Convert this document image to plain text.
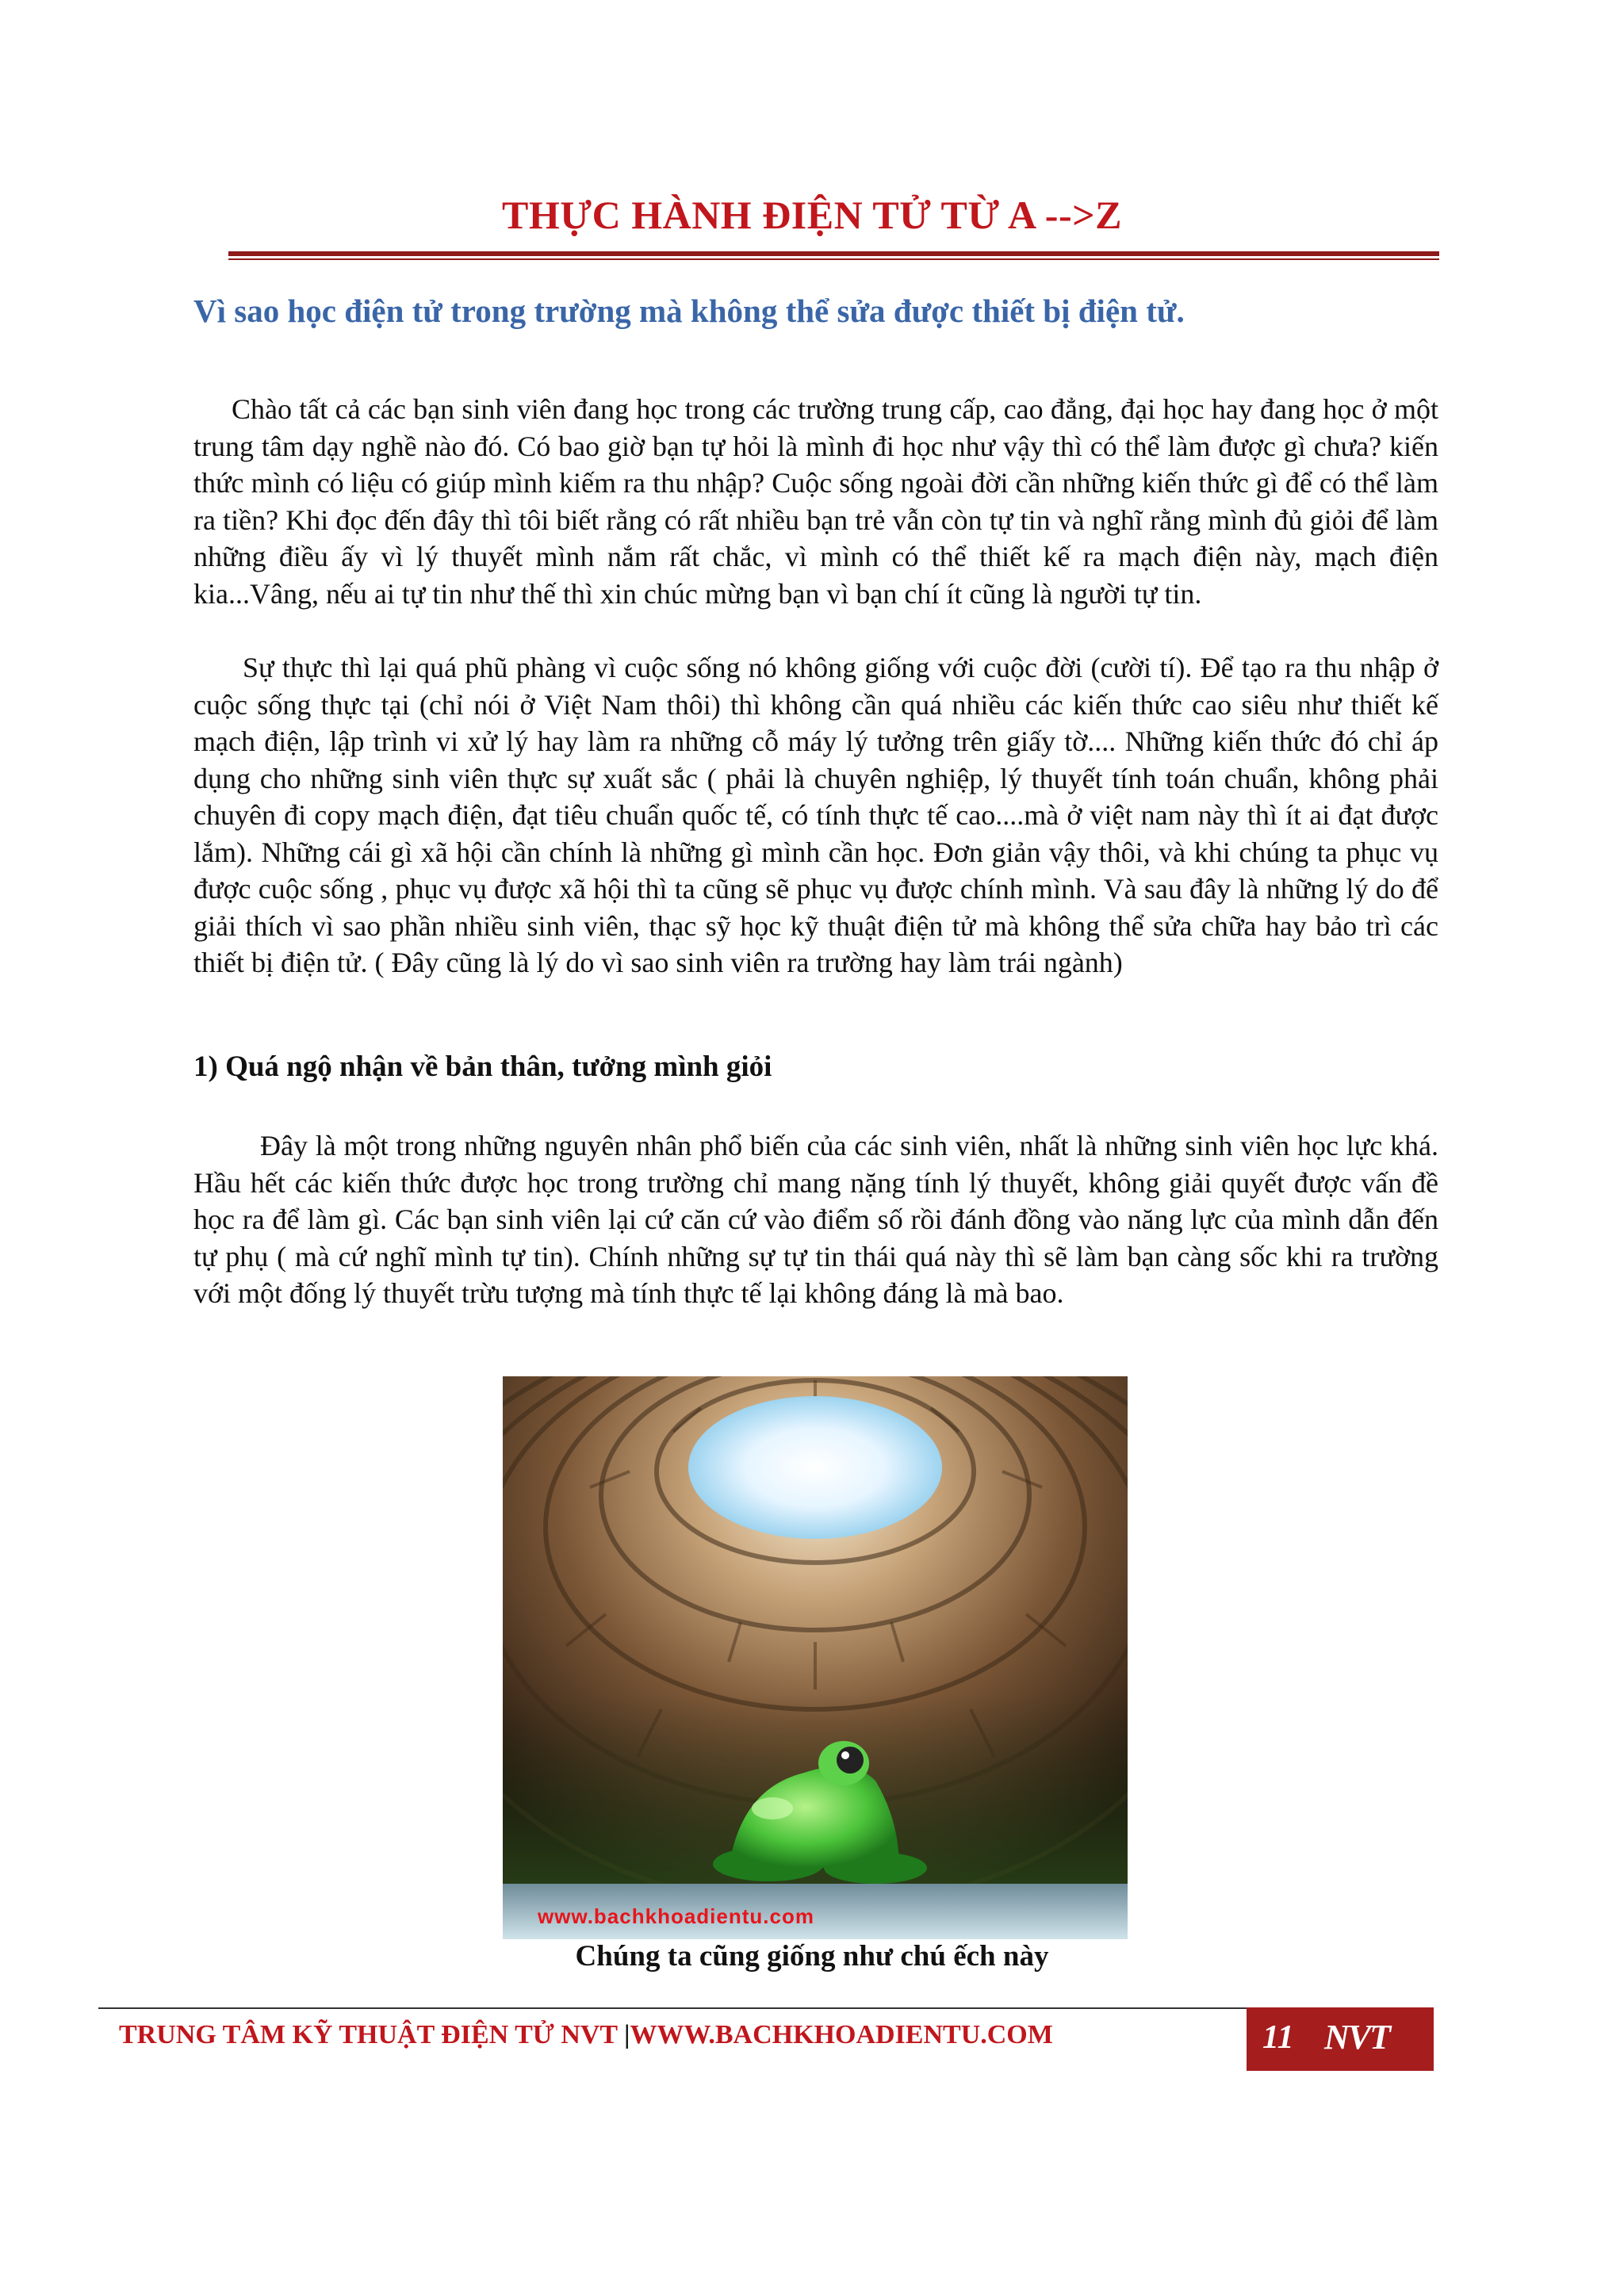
THỰC HÀNH ĐIỆN TỬ TỪ A -->Z
Vì sao học điện tử trong trường mà không thể sửa được thiết bị điện tử.

Chào tất cả các bạn sinh viên đang học trong các trường trung cấp, cao đẳng, đại học hay đang học ở một trung tâm dạy nghề nào đó. Có bao giờ bạn tự hỏi là mình đi học như vậy thì có thể làm được gì chưa? kiến thức mình có liệu có giúp mình kiếm ra thu nhập? Cuộc sống ngoài đời cần những kiến thức gì để có thể làm ra tiền? Khi đọc đến đây thì tôi biết rằng có rất nhiều bạn trẻ vẫn còn tự tin và nghĩ rằng mình đủ giỏi để làm những điều ấy vì lý thuyết mình nắm rất chắc, vì mình có thể thiết kế ra mạch điện này, mạch điện kia...Vâng, nếu ai tự tin như thế thì xin chúc mừng bạn vì bạn chí ít cũng là người tự tin.

Sự thực thì lại quá phũ phàng vì cuộc sống nó không giống với cuộc đời (cười tí). Để tạo ra thu nhập ở cuộc sống thực tại (chỉ nói ở Việt Nam thôi) thì không cần quá nhiều các kiến thức cao siêu như thiết kế mạch điện, lập trình vi xử lý hay làm ra những cỗ máy lý tưởng trên giấy tờ.... Những kiến thức đó chỉ áp dụng cho những sinh viên thực sự xuất sắc ( phải là chuyên nghiệp, lý thuyết tính toán chuẩn, không phải chuyên đi copy mạch điện, đạt tiêu chuẩn quốc tế, có tính thực tế cao....mà ở việt nam này thì ít ai đạt được lắm). Những cái gì xã hội cần chính là những gì mình cần học. Đơn giản vậy thôi, và khi chúng ta phục vụ được cuộc sống , phục vụ được xã hội thì ta cũng sẽ phục vụ được chính mình. Và sau đây là những lý do để giải thích vì sao phần nhiều sinh viên, thạc sỹ học kỹ thuật điện tử mà không thể sửa chữa hay bảo trì các thiết bị điện tử. ( Đây cũng là lý do vì sao sinh viên ra trường hay làm trái ngành)

1) Quá ngộ nhận về bản thân, tưởng mình giỏi

Đây là một trong những nguyên nhân phổ biến của các sinh viên, nhất là những sinh viên học lực khá. Hầu hết các kiến thức được học trong trường chỉ mang nặng tính lý thuyết, không giải quyết được vấn đề học ra để làm gì. Các bạn sinh viên lại cứ căn cứ vào điểm số rồi đánh đồng vào năng lực của mình dẫn đến tự phụ ( mà cứ nghĩ mình tự tin). Chính những sự tự tin thái quá này thì sẽ làm bạn càng sốc khi ra trường với một đống lý thuyết trừu tượng mà tính thực tế lại không đáng là mà bao.

www.bachkhoadientu.com
Chúng ta cũng giống như chú ếch này
TRUNG TÂM KỸ THUẬT ĐIỆN TỬ NVT |WWW.BACHKHOADIENTU.COM	11 NVT
